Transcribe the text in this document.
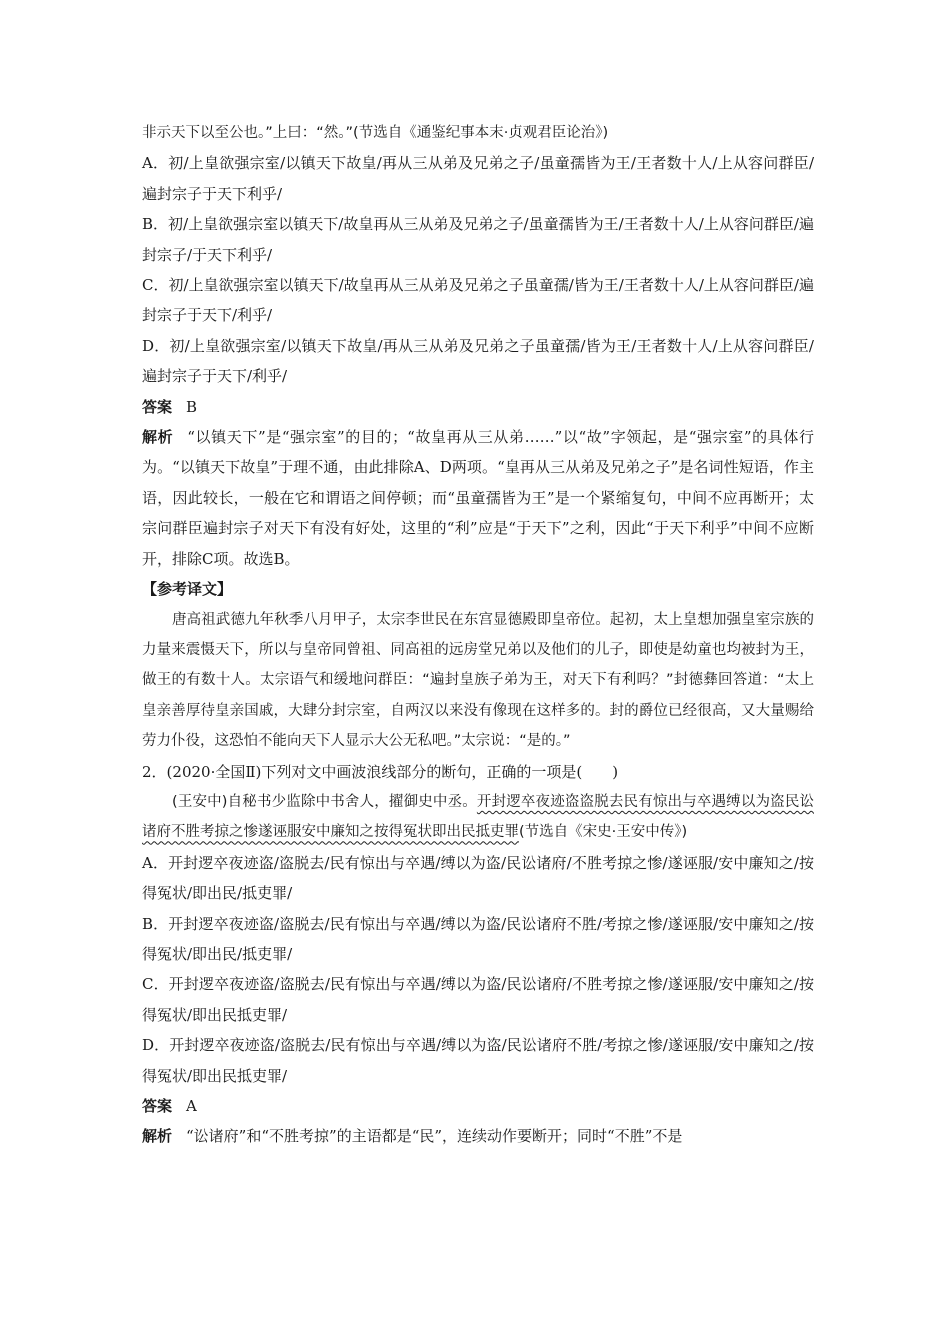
非示天下以至公也。”上曰：“然。”(节选自《通鉴纪事本末·贞观君臣论治》)

A．初/上皇欲强宗室/以镇天下故皇/再从三从弟及兄弟之子/虽童孺皆为王/王者数十人/上从容问群臣/遍封宗子于天下利乎/

B．初/上皇欲强宗室以镇天下/故皇再从三从弟及兄弟之子/虽童孺皆为王/王者数十人/上从容问群臣/遍封宗子/于天下利乎/

C．初/上皇欲强宗室以镇天下/故皇再从三从弟及兄弟之子虽童孺/皆为王/王者数十人/上从容问群臣/遍封宗子于天下/利乎/

D．初/上皇欲强宗室/以镇天下故皇/再从三从弟及兄弟之子虽童孺/皆为王/王者数十人/上从容问群臣/遍封宗子于天下/利乎/

答案 B

解析 “以镇天下”是“强宗室”的目的；“故皇再从三从弟……”以“故”字领起，是“强宗室”的具体行为。“以镇天下故皇”于理不通，由此排除A、D两项。“皇再从三从弟及兄弟之子”是名词性短语，作主语，因此较长，一般在它和谓语之间停顿；而“虽童孺皆为王”是一个紧缩复句，中间不应再断开；太宗问群臣遍封宗子对天下有没有好处，这里的“利”应是“于天下”之利，因此“于天下利乎”中间不应断开，排除C项。故选B。

【参考译文】

唐高祖武德九年秋季八月甲子，太宗李世民在东宫显德殿即皇帝位。起初，太上皇想加强皇室宗族的力量来震慑天下，所以与皇帝同曾祖、同高祖的远房堂兄弟以及他们的儿子，即使是幼童也均被封为王，做王的有数十人。太宗语气和缓地问群臣：“遍封皇族子弟为王，对天下有利吗？”封德彝回答道：“太上皇亲善厚待皇亲国戚，大肆分封宗室，自两汉以来没有像现在这样多的。封的爵位已经很高，又大量赐给劳力仆役，这恐怕不能向天下人显示大公无私吧。”太宗说：“是的。”

2．(2020·全国Ⅱ)下列对文中画波浪线部分的断句，正确的一项是(　　)

(王安中)自秘书少监除中书舍人，擢御史中丞。开封逻卒夜迹盗盗脱去民有惊出与卒遇缚以为盗民讼诸府不胜考掠之惨遂诬服安中廉知之按得冤状即出民抵吏罪(节选自《宋史·王安中传》)

A．开封逻卒夜迹盗/盗脱去/民有惊出与卒遇/缚以为盗/民讼诸府/不胜考掠之惨/遂诬服/安中廉知之/按得冤状/即出民/抵吏罪/

B．开封逻卒夜迹盗/盗脱去/民有惊出与卒遇/缚以为盗/民讼诸府不胜/考掠之惨/遂诬服/安中廉知之/按得冤状/即出民/抵吏罪/

C．开封逻卒夜迹盗/盗脱去/民有惊出与卒遇/缚以为盗/民讼诸府/不胜考掠之惨/遂诬服/安中廉知之/按得冤状/即出民抵吏罪/

D．开封逻卒夜迹盗/盗脱去/民有惊出与卒遇/缚以为盗/民讼诸府不胜/考掠之惨/遂诬服/安中廉知之/按得冤状/即出民抵吏罪/

答案 A

解析 “讼诸府”和“不胜考掠”的主语都是“民”，连续动作要断开；同时“不胜”不是
